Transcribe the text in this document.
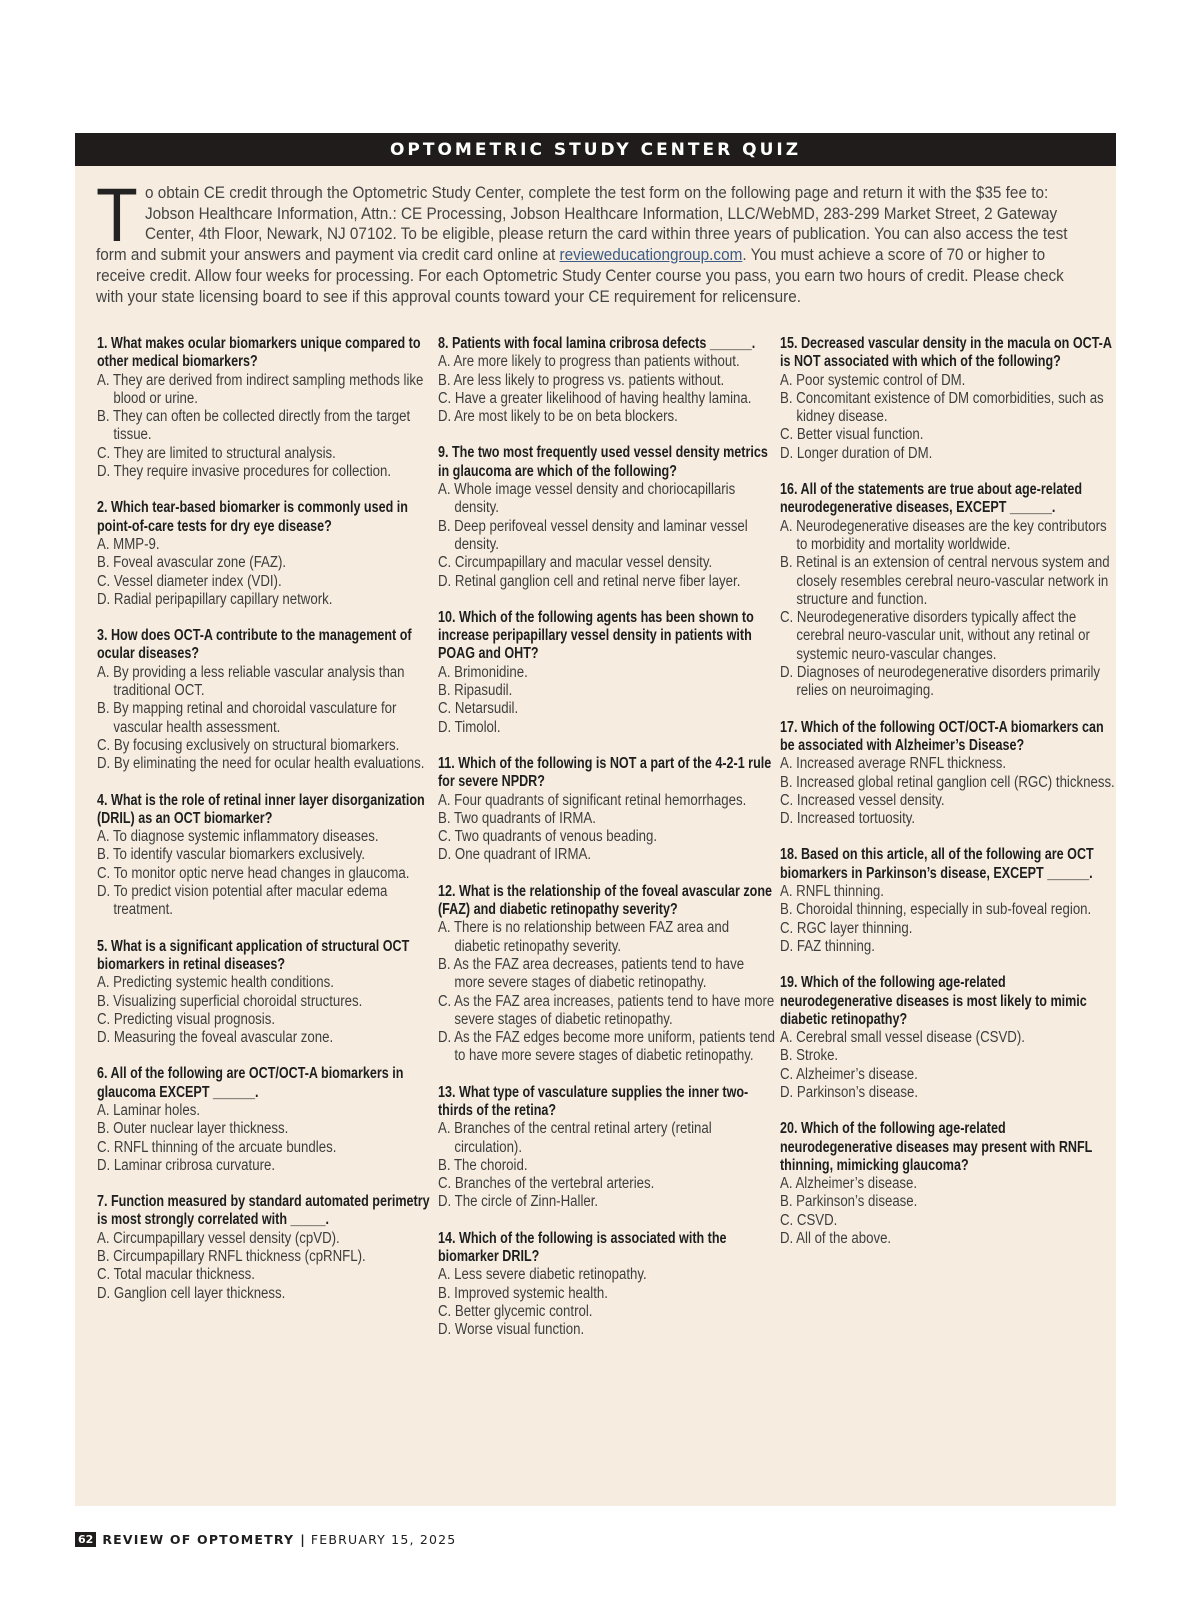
OPTOMETRIC STUDY CENTER QUIZ
To obtain CE credit through the Optometric Study Center, complete the test form on the following page and return it with the $35 fee to: Jobson Healthcare Information, Attn.: CE Processing, Jobson Healthcare Information, LLC/WebMD, 283-299 Market Street, 2 Gateway Center, 4th Floor, Newark, NJ 07102. To be eligible, please return the card within three years of publication. You can also access the test form and submit your answers and payment via credit card online at revieweducationgroup.com. You must achieve a score of 70 or higher to receive credit. Allow four weeks for processing. For each Optometric Study Center course you pass, you earn two hours of credit. Please check with your state licensing board to see if this approval counts toward your CE requirement for relicensure.
1. What makes ocular biomarkers unique compared to other medical biomarkers?
A. They are derived from indirect sampling methods like blood or urine.
B. They can often be collected directly from the target tissue.
C. They are limited to structural analysis.
D. They require invasive procedures for collection.
2. Which tear-based biomarker is commonly used in point-of-care tests for dry eye disease?
A. MMP-9.
B. Foveal avascular zone (FAZ).
C. Vessel diameter index (VDI).
D. Radial peripapillary capillary network.
3. How does OCT-A contribute to the management of ocular diseases?
A. By providing a less reliable vascular analysis than traditional OCT.
B. By mapping retinal and choroidal vasculature for vascular health assessment.
C. By focusing exclusively on structural biomarkers.
D. By eliminating the need for ocular health evaluations.
4. What is the role of retinal inner layer disorganization (DRIL) as an OCT biomarker?
A. To diagnose systemic inflammatory diseases.
B. To identify vascular biomarkers exclusively.
C. To monitor optic nerve head changes in glaucoma.
D. To predict vision potential after macular edema treatment.
5. What is a significant application of structural OCT biomarkers in retinal diseases?
A. Predicting systemic health conditions.
B. Visualizing superficial choroidal structures.
C. Predicting visual prognosis.
D. Measuring the foveal avascular zone.
6. All of the following are OCT/OCT-A biomarkers in glaucoma EXCEPT ______.
A. Laminar holes.
B. Outer nuclear layer thickness.
C. RNFL thinning of the arcuate bundles.
D. Laminar cribrosa curvature.
7. Function measured by standard automated perimetry is most strongly correlated with _____.
A. Circumpapillary vessel density (cpVD).
B. Circumpapillary RNFL thickness (cpRNFL).
C. Total macular thickness.
D. Ganglion cell layer thickness.
8. Patients with focal lamina cribrosa defects ______.
A. Are more likely to progress than patients without.
B. Are less likely to progress vs. patients without.
C. Have a greater likelihood of having healthy lamina.
D. Are most likely to be on beta blockers.
9. The two most frequently used vessel density metrics in glaucoma are which of the following?
A. Whole image vessel density and choriocapillaris density.
B. Deep perifoveal vessel density and laminar vessel density.
C. Circumpapillary and macular vessel density.
D. Retinal ganglion cell and retinal nerve fiber layer.
10. Which of the following agents has been shown to increase peripapillary vessel density in patients with POAG and OHT?
A. Brimonidine.
B. Ripasudil.
C. Netarsudil.
D. Timolol.
11. Which of the following is NOT a part of the 4-2-1 rule for severe NPDR?
A. Four quadrants of significant retinal hemorrhages.
B. Two quadrants of IRMA.
C. Two quadrants of venous beading.
D. One quadrant of IRMA.
12. What is the relationship of the foveal avascular zone (FAZ) and diabetic retinopathy severity?
A. There is no relationship between FAZ area and diabetic retinopathy severity.
B. As the FAZ area decreases, patients tend to have more severe stages of diabetic retinopathy.
C. As the FAZ area increases, patients tend to have more severe stages of diabetic retinopathy.
D. As the FAZ edges become more uniform, patients tend to have more severe stages of diabetic retinopathy.
13. What type of vasculature supplies the inner two-thirds of the retina?
A. Branches of the central retinal artery (retinal circulation).
B. The choroid.
C. Branches of the vertebral arteries.
D. The circle of Zinn-Haller.
14. Which of the following is associated with the biomarker DRIL?
A. Less severe diabetic retinopathy.
B. Improved systemic health.
C. Better glycemic control.
D. Worse visual function.
15. Decreased vascular density in the macula on OCT-A is NOT associated with which of the following?
A. Poor systemic control of DM.
B. Concomitant existence of DM comorbidities, such as kidney disease.
C. Better visual function.
D. Longer duration of DM.
16. All of the statements are true about age-related neurodegenerative diseases, EXCEPT ______.
A. Neurodegenerative diseases are the key contributors to morbidity and mortality worldwide.
B. Retinal is an extension of central nervous system and closely resembles cerebral neuro-vascular network in structure and function.
C. Neurodegenerative disorders typically affect the cerebral neuro-vascular unit, without any retinal or systemic neuro-vascular changes.
D. Diagnoses of neurodegenerative disorders primarily relies on neuroimaging.
17. Which of the following OCT/OCT-A biomarkers can be associated with Alzheimer’s Disease?
A. Increased average RNFL thickness.
B. Increased global retinal ganglion cell (RGC) thickness.
C. Increased vessel density.
D. Increased tortuosity.
18. Based on this article, all of the following are OCT biomarkers in Parkinson’s disease, EXCEPT ______.
A. RNFL thinning.
B. Choroidal thinning, especially in sub-foveal region.
C. RGC layer thinning.
D. FAZ thinning.
19. Which of the following age-related neurodegenerative diseases is most likely to mimic diabetic retinopathy?
A. Cerebral small vessel disease (CSVD).
B. Stroke.
C. Alzheimer’s disease.
D. Parkinson’s disease.
20. Which of the following age-related neurodegenerative diseases may present with RNFL thinning, mimicking glaucoma?
A. Alzheimer’s disease.
B. Parkinson’s disease.
C. CSVD.
D. All of the above.
62 REVIEW OF OPTOMETRY | FEBRUARY 15, 2025
